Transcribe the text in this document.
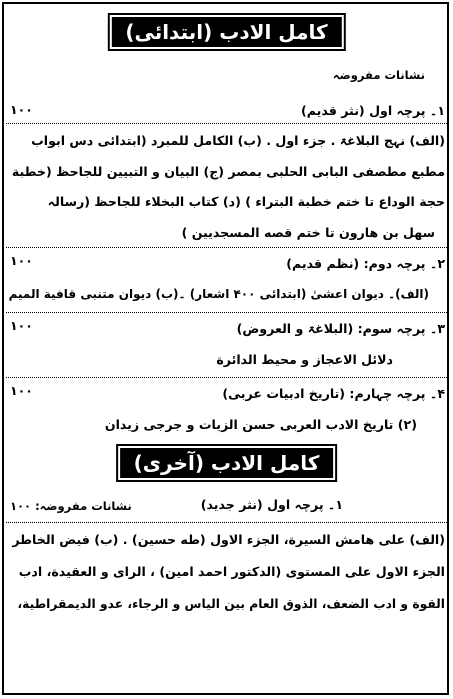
کامل الادب (ابتدائی)
نشانات مفروضہ
۱۔ پرچہ اول (نثر قدیم)
۱۰۰
(الف) نہج البلاغۃ . جزء اول . (ب) الكامل للمبرد (ابتدائی دس ابواب
مطبع مطصفی البابی الحلبی بمصر (ج) البیان و التبیین للجاحظ (خطبة
حجة الوداع تا ختم خطبة البتراء ) (د) کتاب البخلاء للجاحظ (رسالہ
سهل بن هارون تا ختم قصه المسجدیین )
۲۔ پرچہ دوم: (نظم قدیم)
۱۰۰
(الف)۔ دیوان اعشیٰ (ابتدائی ۴۰۰ اشعار) ۔(ب) دیوان متنبی قافیة المیم
۳۔ پرچہ سوم: (البلاغۃ و العروض)
۱۰۰
دلائل الاعجاز و محیط الدائرة
۴۔ پرچہ چہارم: (تاریخ ادبیات عربی)
۱۰۰
(۲) تاریخ الادب العربی حسن الزیات و جرجی زیدان
کامل الادب (آخری)
۱۔ پرچہ اول (نثر جدید)
نشانات مفروضہ: ۱۰۰
(الف) علی هامش السیرة، الجزء الاول (طه حسین) . (ب) فیض الخاطر
الجزء الاول علی المستوی (الدکتور احمد امین) ، الرای و العقیدة، ادب
القوة و ادب الضعف، الذوق العام بین الیاس و الرجاء، عدو الدیمقراطیة،
